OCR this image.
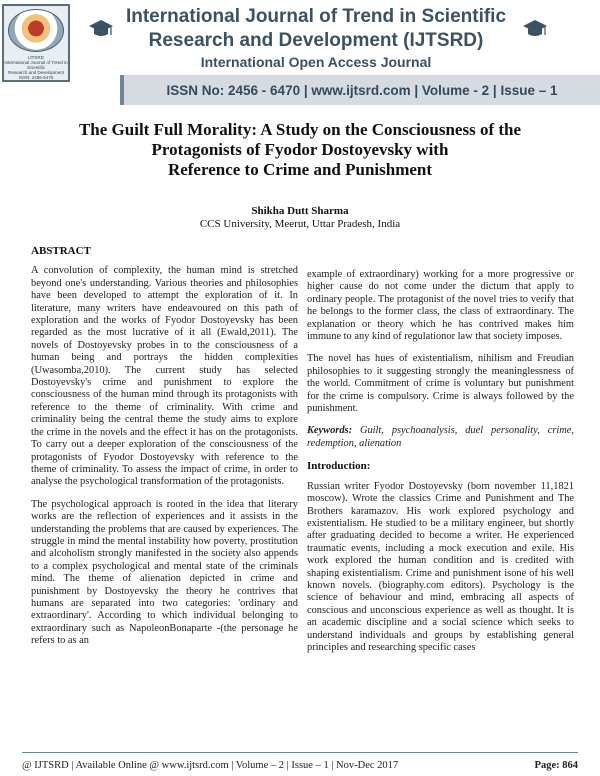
IJTSRD
International Journal of Trend in Scientific
Research and Development
ISSN: 2456-6470
International Journal of Trend in Scientific
Research and Development (IJTSRD)
International Open Access Journal
ISSN No: 2456 - 6470 | www.ijtsrd.com | Volume - 2 | Issue – 1
The Guilt Full Morality: A Study on the Consciousness of the
Protagonists of Fyodor Dostoyevsky with
Reference to Crime and Punishment
Shikha Dutt Sharma
CCS University, Meerut, Uttar Pradesh, India
ABSTRACT

A convolution of complexity, the human mind is stretched beyond one's understanding. Various theories and philosophies have been developed to attempt the exploration of it. In literature, many writers have endeavoured on this path of exploration and the works of Fyodor Dostoyevsky has been regarded as the most lucrative of it all (Ewald,2011). The novels of Dostoyevsky probes in to the consciousness of a human being and portrays the hidden complexities (Uwasomba,2010). The current study has selected Dostoyevsky's crime and punishment to explore the consciousness of the human mind through its protagonists with reference to the theme of criminality. With crime and criminality being the central theme the study aims to explore the crime in the novels and the effect it has on the protagonists. To carry out a deeper exploration of the consciousness of the protagonists of Fyodor Dostoyevsky with reference to the theme of criminality. To assess the impact of crime, in order to analyse the psychological transformation of the protagonists.

The psychological approach is rooted in the idea that literary works are the reflection of experiences and it assists in the understanding the problems that are caused by experiences. The struggle in mind the mental instability how poverty, prostitution and alcoholism strongly manifested in the society also appends to a complex psychological and mental state of the criminals mind. The theme of alienation depicted in crime and punishment by Dostoyevsky the theory he contrives that humans are separated into two categories: 'ordinary and extraordinary'. According to which individual belonging to extraordinary such as NapoleonBonaparte -(the personage he refers to as an

example of extraordinary) working for a more progressive or higher cause do not come under the dictum that apply to ordinary people. The protagonist of the novel tries to verify that he belongs to the former class, the class of extraordinary. The explanation or theory which he has contrived makes him immune to any kind of regulationor law that society imposes.

The novel has hues of existentialism, nihilism and Freudian philosophies to it suggesting strongly the meaninglessness of the world. Commitment of crime is voluntary but punishment for the crime is compulsory. Crime is always followed by the punishment.

Keywords: Guilt, psychoanalysis, duel personality, crime, redemption, alienation

Introduction:

Russian writer Fyodor Dostoyevsky (born november 11,1821 moscow). Wrote the classics Crime and Punishment and The Brothers karamazov. His work explored psychology and existentialism. He studied to be a military engineer, but shortly after graduating decided to become a writer. He experienced traumatic events, including a mock execution and exile. His work explored the human condition and is credited with shaping existentialism. Crime and punishment isone of his well known novels. (biography.com editors). Psychology is the science of behaviour and mind, embracing all aspects of conscious and unconscious experience as well as thought. It is an academic discipline and a social science which seeks to understand individuals and groups by establishing general principles and researching specific cases

@ IJTSRD | Available Online @ www.ijtsrd.com | Volume – 2 | Issue – 1 | Nov-Dec 2017	Page: 864
